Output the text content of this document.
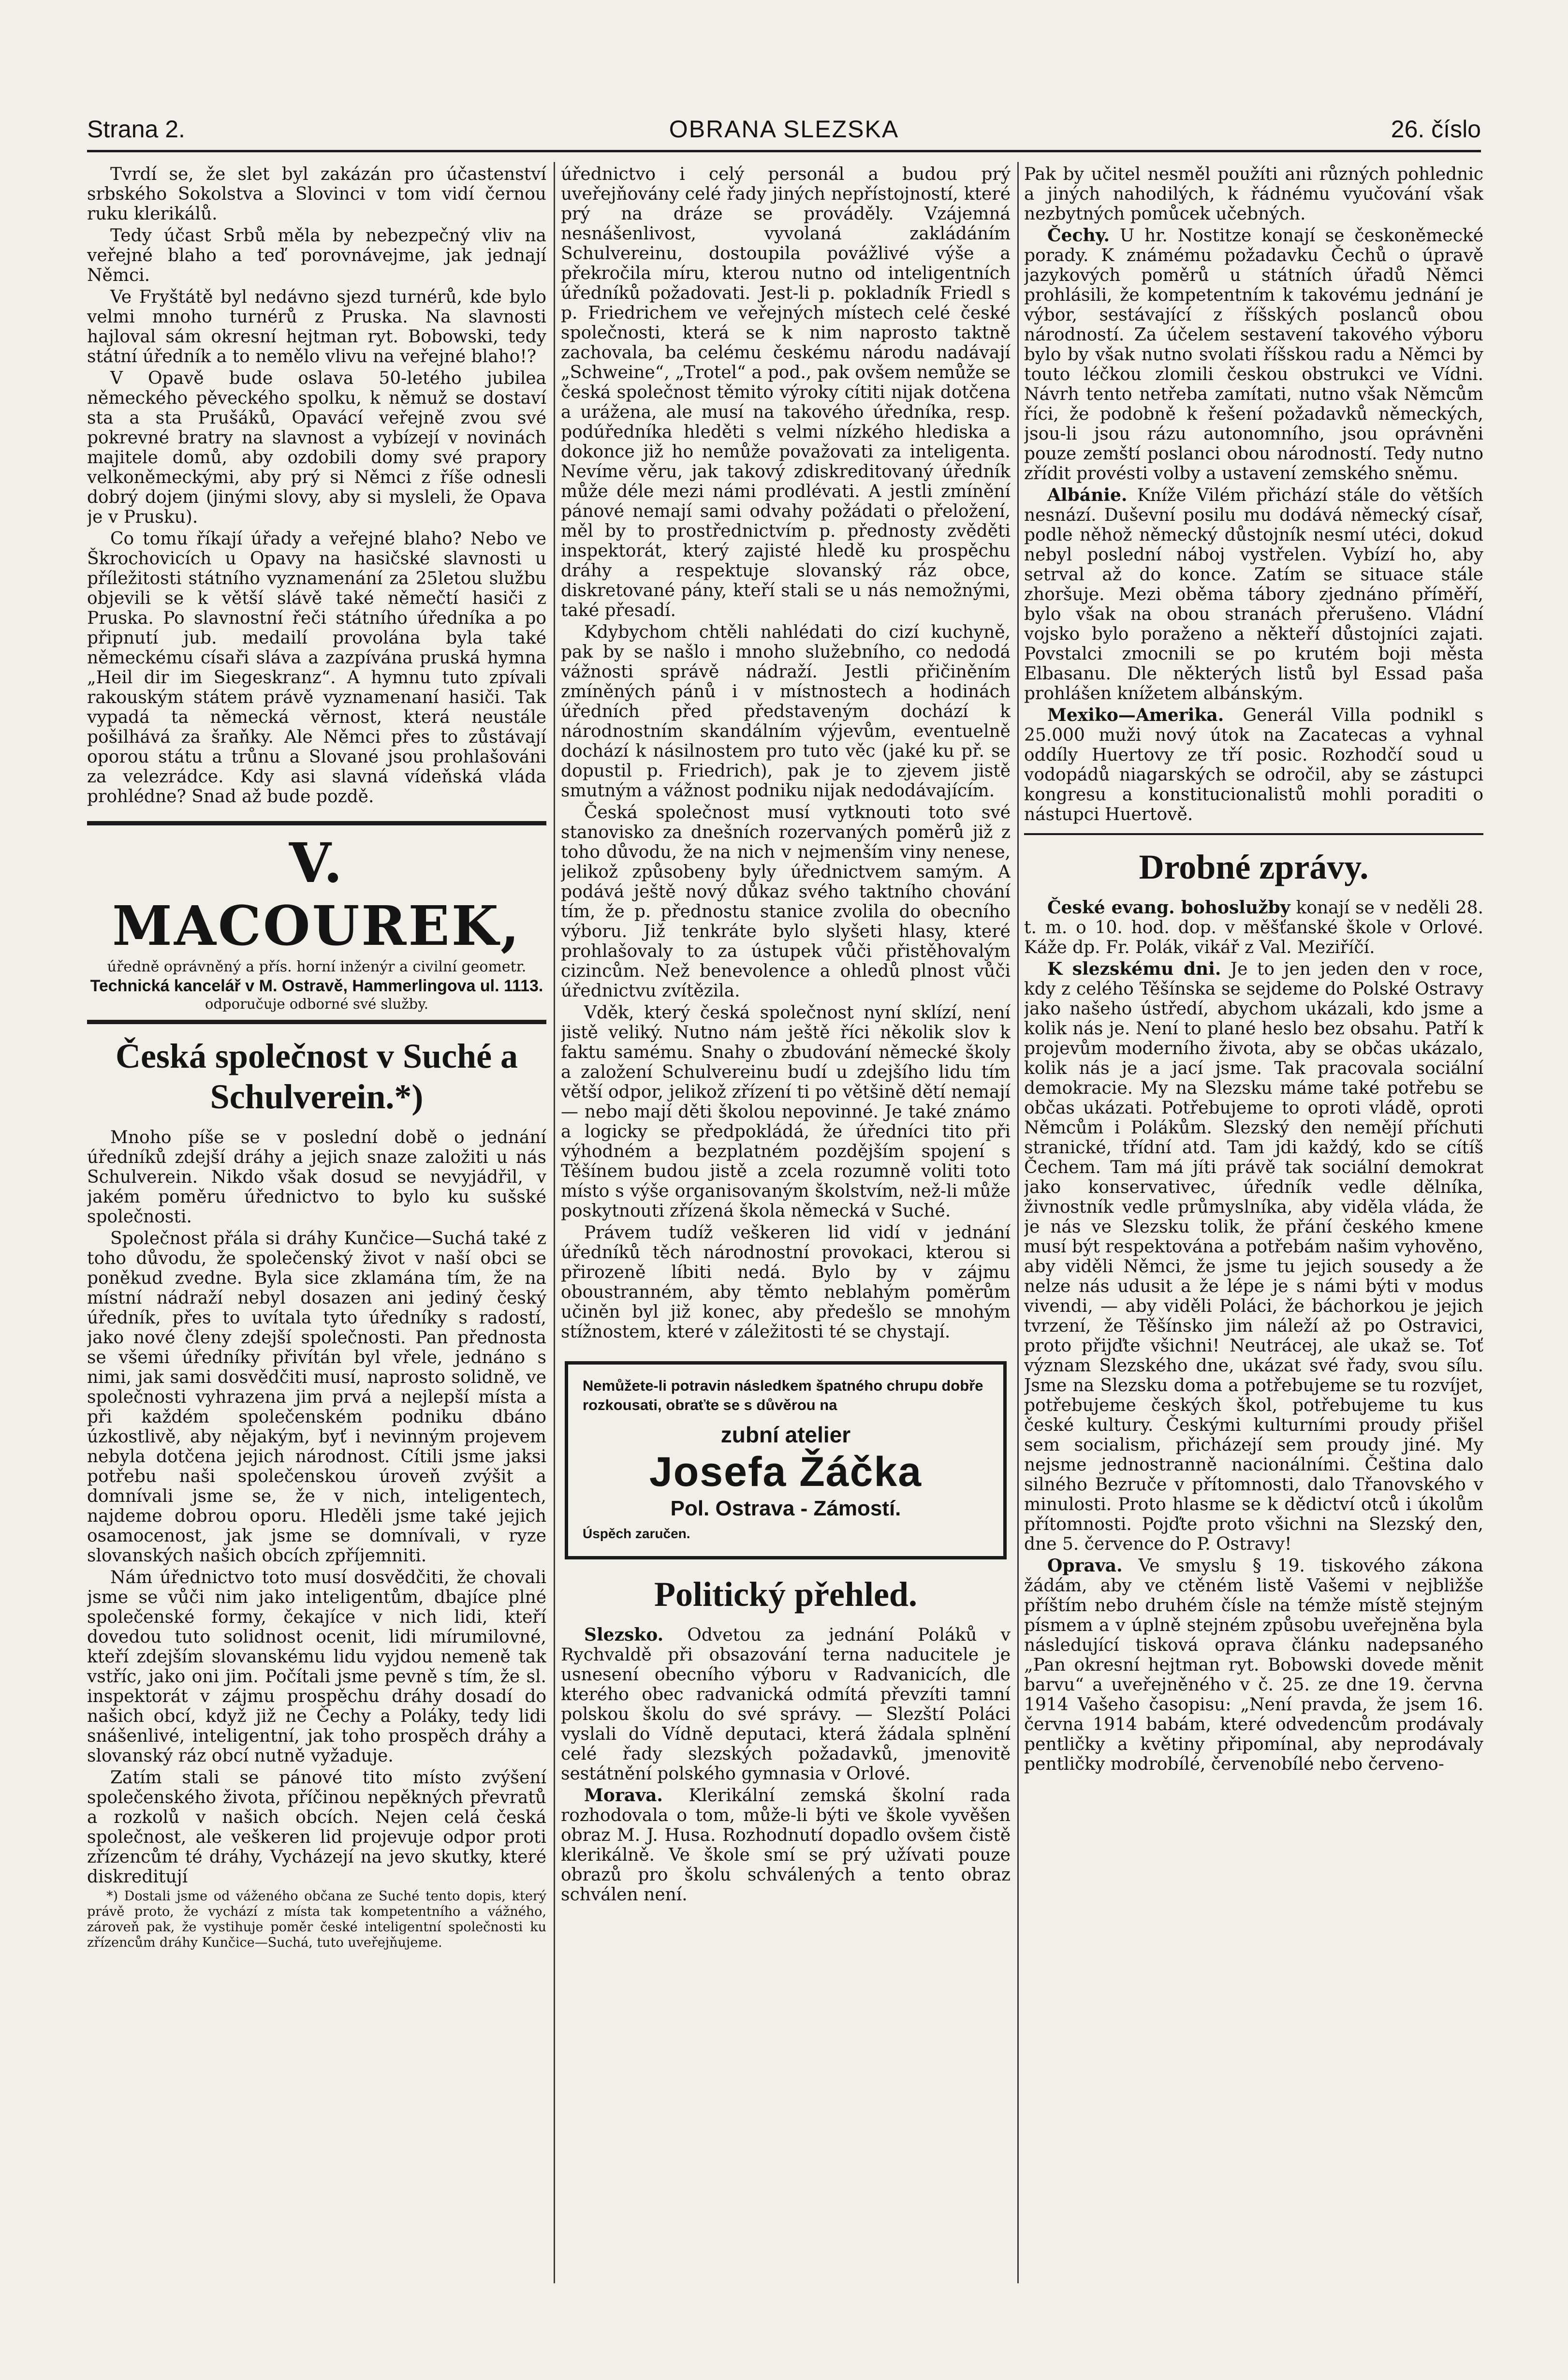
Strana 2.	OBRANA SLEZSKA	26. číslo

Tvrdí se, že slet byl zakázán pro účastenství srbského Sokolstva a Slovinci v tom vidí černou ruku klerikálů.

Tedy účast Srbů měla by nebezpečný vliv na veřejné blaho a teď porovnávejme, jak jednají Němci.

Ve Fryštátě byl nedávno sjezd turnérů, kde bylo velmi mnoho turnérů z Pruska. Na slavnosti hajloval sám okresní hejtman ryt. Bobowski, tedy státní úředník a to nemělo vlivu na veřejné blaho!?

V Opavě bude oslava 50-letého jubilea německého pěveckého spolku, k němuž se dostaví sta a sta Prušáků, Opavácí veřejně zvou své pokrevné bratry na slavnost a vybízejí v novinách majitele domů, aby ozdobili domy své prapory velkoněmeckými, aby prý si Němci z říše odnesli dobrý dojem (jinými slovy, aby si mysleli, že Opava je v Prusku).

Co tomu říkají úřady a veřejné blaho? Nebo ve Škrochovicích u Opavy na hasičské slavnosti u příležitosti státního vyznamenání za 25letou službu objevili se k větší slávě také němečtí hasiči z Pruska. Po slavnostní řeči státního úředníka a po připnutí jub. medailí provolána byla také německému císaři sláva a zazpívána pruská hymna „Heil dir im Siegeskranz“. A hymnu tuto zpívali rakouským státem právě vyznamenaní hasiči. Tak vypadá ta německá věrnost, která neustále pošilhává za šraňky. Ale Němci přes to zůstávají oporou státu a trůnu a Slované jsou prohlašováni za velezrádce. Kdy asi slavná vídeňská vláda prohlédne? Snad až bude pozdě.

V. MACOUREK,
úředně oprávněný a přís. horní inženýr a civilní geometr.
Technická kancelář v M. Ostravě, Hammerlingova ul. 1113.
odporučuje odborné své služby.
Česká společnost v Suché a Schulverein.*)

Mnoho píše se v poslední době o jednání úředníků zdejší dráhy a jejich snaze založiti u nás Schulverein. Nikdo však dosud se nevyjádřil, v jakém poměru úřednictvo to bylo ku sušské společnosti.

Společnost přála si dráhy Kunčice—Suchá také z toho důvodu, že společenský život v naší obci se poněkud zvedne. Byla sice zklamána tím, že na místní nádraží nebyl dosazen ani jediný český úředník, přes to uvítala tyto úředníky s radostí, jako nové členy zdejší společnosti. Pan přednosta se všemi úředníky přivítán byl vřele, jednáno s nimi, jak sami dosvědčiti musí, naprosto solidně, ve společnosti vyhrazena jim prvá a nejlepší místa a při každém společenském podniku dbáno úzkostlivě, aby nějakým, byť i nevinným projevem nebyla dotčena jejich národnost. Cítili jsme jaksi potřebu naši společenskou úroveň zvýšit a domnívali jsme se, že v nich, inteligentech, najdeme dobrou oporu. Hleděli jsme také jejich osamocenost, jak jsme se domnívali, v ryze slovanských našich obcích zpříjemniti.

Nám úřednictvo toto musí dosvědčiti, že chovali jsme se vůči nim jako inteligentům, dbajíce plné společenské formy, čekajíce v nich lidi, kteří dovedou tuto solidnost ocenit, lidi mírumilovné, kteří zdejším slovanskému lidu vyjdou nemeně tak vstříc, jako oni jim. Počítali jsme pevně s tím, že sl. inspektorát v zájmu prospěchu dráhy dosadí do našich obcí, když již ne Čechy a Poláky, tedy lidi snášenlivé, inteligentní, jak toho prospěch dráhy a slovanský ráz obcí nutně vyžaduje.

Zatím stali se pánové tito místo zvýšení společenského života, příčinou nepěkných převratů a rozkolů v našich obcích. Nejen celá česká společnost, ale veškeren lid projevuje odpor proti zřízencům té dráhy, Vycházejí na jevo skutky, které diskreditují

*) Dostali jsme od váženého občana ze Suché tento dopis, který právě proto, že vychází z místa tak kompetentního a vážného, zároveň pak, že vystihuje poměr české inteligentní společnosti ku zřízencům dráhy Kunčice—Suchá, tuto uveřejňujeme.

úřednictvo i celý personál a budou prý uveřejňovány celé řady jiných nepřístojností, které prý na dráze se prováděly. Vzájemná nesnášenlivost, vyvolaná zakládáním Schulvereinu, dostoupila povážlivé výše a překročila míru, kterou nutno od inteligentních úředníků požadovati. Jest-li p. pokladník Friedl s p. Friedrichem ve veřejných místech celé české společnosti, která se k nim naprosto taktně zachovala, ba celému českému národu nadávají „Schweine“, „Trotel“ a pod., pak ovšem nemůže se česká společnost těmito výroky cítiti nijak dotčena a urážena, ale musí na takového úředníka, resp. podúředníka hleděti s velmi nízkého hlediska a dokonce již ho nemůže považovati za inteligenta. Nevíme věru, jak takový zdiskreditovaný úředník může déle mezi námi prodlévati. A jestli zmínění pánové nemají sami odvahy požádati o přeložení, měl by to prostřednictvím p. přednosty zvěděti inspektorát, který zajisté hledě ku prospěchu dráhy a respektuje slovanský ráz obce, diskretované pány, kteří stali se u nás nemožnými, také přesadí.

Kdybychom chtěli nahlédati do cizí kuchyně, pak by se našlo i mnoho služebního, co nedodá vážnosti správě nádraží. Jestli přičiněním zmíněných pánů i v místnostech a hodinách úředních před představeným dochází k národnostním skandálním výjevům, eventuelně dochází k násilnostem pro tuto věc (jaké ku př. se dopustil p. Friedrich), pak je to zjevem jistě smutným a vážnost podniku nijak nedodávajícím.

Česká společnost musí vytknouti toto své stanovisko za dnešních rozervaných poměrů již z toho důvodu, že na nich v nejmenším viny nenese, jelikož způsobeny byly úřednictvem samým. A podává ještě nový důkaz svého taktního chování tím, že p. přednostu stanice zvolila do obecního výboru. Již tenkráte bylo slyšeti hlasy, které prohlašovaly to za ústupek vůči přistěhovalým cizincům. Než benevolence a ohledů plnost vůči úřednictvu zvítězila.

Vděk, který česká společnost nyní sklízí, není jistě veliký. Nutno nám ještě říci několik slov k faktu samému. Snahy o zbudování německé školy a založení Schulvereinu budí u zdejšího lidu tím větší odpor, jelikož zřízení ti po většině dětí nemají — nebo mají děti školou nepovinné. Je také známo a logicky se předpokládá, že úředníci tito při výhodném a bezplatném pozdějším spojení s Těšínem budou jistě a zcela rozumně voliti toto místo s výše organisovaným školstvím, než-li může poskytnouti zřízená škola německá v Suché.

Právem tudíž veškeren lid vidí v jednání úředníků těch národnostní provokaci, kterou si přirozeně líbiti nedá. Bylo by v zájmu oboustranném, aby těmto neblahým poměrům učiněn byl již konec, aby předešlo se mnohým stížnostem, které v záležitosti té se chystají.

Nemůžete-li potravin následkem špatného chrupu dobře rozkousati, obraťte se s důvěrou na
zubní atelier
Josefa Žáčka
Pol. Ostrava - Zámostí.
Úspěch zaručen.
Politický přehled.

Slezsko. Odvetou za jednání Poláků v Rychvaldě při obsazování terna naducitele je usnesení obecního výboru v Radvanicích, dle kterého obec radvanická odmítá převzíti tamní polskou školu do své správy. — Slezští Poláci vyslali do Vídně deputaci, která žádala splnění celé řady slezských požadavků, jmenovitě sestátnění polského gymnasia v Orlové.

Morava. Klerikální zemská školní rada rozhodovala o tom, může-li býti ve škole vyvěšen obraz M. J. Husa. Rozhodnutí dopadlo ovšem čistě klerikálně. Ve škole smí se prý užívati pouze obrazů pro školu schválených a tento obraz schválen není.

Pak by učitel nesměl použíti ani různých pohlednic a jiných nahodilých, k řádnému vyučování však nezbytných pomůcek učebných.

Čechy. U hr. Nostitze konají se českoněmecké porady. K známému požadavku Čechů o úpravě jazykových poměrů u státních úřadů Němci prohlásili, že kompetentním k takovému jednání je výbor, sestávající z říšských poslanců obou národností. Za účelem sestavení takového výboru bylo by však nutno svolati říšskou radu a Němci by touto léčkou zlomili českou obstrukci ve Vídni. Návrh tento netřeba zamítati, nutno však Němcům říci, že podobně k řešení požadavků německých, jsou-li jsou rázu autonomního, jsou oprávněni pouze zemští poslanci obou národností. Tedy nutno zřídit provésti volby a ustavení zemského sněmu.

Albánie. Kníže Vilém přichází stále do větších nesnází. Duševní posilu mu dodává německý císař, podle něhož německý důstojník nesmí utéci, dokud nebyl poslední náboj vystřelen. Vybízí ho, aby setrval až do konce. Zatím se situace stále zhoršuje. Mezi oběma tábory zjednáno příměří, bylo však na obou stranách přerušeno. Vládní vojsko bylo poraženo a někteří důstojníci zajati. Povstalci zmocnili se po krutém boji města Elbasanu. Dle některých listů byl Essad paša prohlášen knížetem albánským.

Mexiko—Amerika. Generál Villa podnikl s 25.000 muži nový útok na Zacatecas a vyhnal oddíly Huertovy ze tří posic. Rozhodčí soud u vodopádů niagarských se odročil, aby se zástupci kongresu a konstitucionalistů mohli poraditi o nástupci Huertově.

Drobné zprávy.

České evang. bohoslužby konají se v neděli 28. t. m. o 10. hod. dop. v měšťanské škole v Orlové. Káže dp. Fr. Polák, vikář z Val. Meziříčí.

K slezskému dni. Je to jen jeden den v roce, kdy z celého Těšínska se sejdeme do Polské Ostravy jako našeho ústředí, abychom ukázali, kdo jsme a kolik nás je. Není to plané heslo bez obsahu. Patří k projevům moderního života, aby se občas ukázalo, kolik nás je a jací jsme. Tak pracovala sociální demokracie. My na Slezsku máme také potřebu se občas ukázati. Potřebujeme to oproti vládě, oproti Němcům i Polákům. Slezský den nemějí příchuti stranické, třídní atd. Tam jdi každý, kdo se cítíš Čechem. Tam má jíti právě tak sociální demokrat jako konservativec, úředník vedle dělníka, živnostník vedle průmyslníka, aby viděla vláda, že je nás ve Slezsku tolik, že přání českého kmene musí být respektována a potřebám našim vyhověno, aby viděli Němci, že jsme tu jejich sousedy a že nelze nás udusit a že lépe je s námi býti v modus vivendi, — aby viděli Poláci, že báchorkou je jejich tvrzení, že Těšínsko jim náleží až po Ostravici, proto přijďte všichni! Neutrácej, ale ukaž se. Toť význam Slezského dne, ukázat své řady, svou sílu. Jsme na Slezsku doma a potřebujeme se tu rozvíjet, potřebujeme českých škol, potřebujeme tu kus české kultury. Českými kulturními proudy přišel sem socialism, přicházejí sem proudy jiné. My nejsme jednostranně nacionálními. Čeština dalo silného Bezruče v přítomnosti, dalo Třanovského v minulosti. Proto hlasme se k dědictví otců i úkolům přítomnosti. Pojďte proto všichni na Slezský den, dne 5. července do P. Ostravy!

Oprava. Ve smyslu § 19. tiskového zákona žádám, aby ve ctěném listě Vašemi v nejbližše příštím nebo druhém čísle na témže místě stejným písmem a v úplně stejném způsobu uveřejněna byla následující tisková oprava článku nadepsaného „Pan okresní hejtman ryt. Bobowski dovede měnit barvu“ a uveřejněného v č. 25. ze dne 19. června 1914 Vašeho časopisu: „Není pravda, že jsem 16. června 1914 babám, které odvedencům prodávaly pentličky a květiny připomínal, aby neprodávaly pentličky modrobílé, červenobílé nebo červeno-
